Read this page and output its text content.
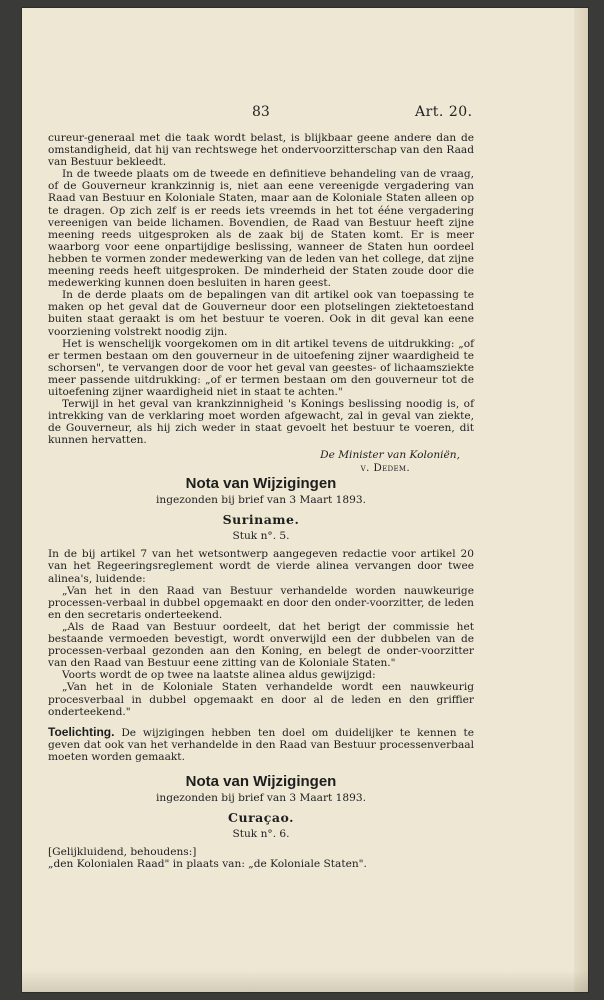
83	Art. 20.

cureur-generaal met die taak wordt belast, is blijkbaar geene andere dan de omstandigheid, dat hij van rechtswege het ondervoorzitterschap van den Raad van Bestuur bekleedt.

In de tweede plaats om de tweede en definitieve behandeling van de vraag, of de Gouverneur krankzinnig is, niet aan eene vereenigde vergadering van Raad van Bestuur en Koloniale Staten, maar aan de Koloniale Staten alleen op te dragen. Op zich zelf is er reeds iets vreemds in het tot ééne vergadering vereenigen van beide lichamen. Bovendien, de Raad van Bestuur heeft zijne meening reeds uitgesproken als de zaak bij de Staten komt. Er is meer waarborg voor eene onpartijdige beslissing, wanneer de Staten hun oordeel hebben te vormen zonder medewerking van de leden van het college, dat zijne meening reeds heeft uitgesproken. De minderheid der Staten zoude door die medewerking kunnen doen besluiten in haren geest.

In de derde plaats om de bepalingen van dit artikel ook van toepassing te maken op het geval dat de Gouverneur door een plotselingen ziektetoestand buiten staat geraakt is om het bestuur te voeren. Ook in dit geval kan eene voorziening volstrekt noodig zijn.

Het is wenschelijk voorgekomen om in dit artikel tevens de uitdrukking: „of er termen bestaan om den gouverneur in de uitoefening zijner waardigheid te schorsen", te vervangen door de voor het geval van geestes- of lichaamsziekte meer passende uitdrukking: „of er termen bestaan om den gouverneur tot de uitoefening zijner waardigheid niet in staat te achten."

Terwijl in het geval van krankzinnigheid 's Konings beslissing noodig is, of intrekking van de verklaring moet worden afgewacht, zal in geval van ziekte, de Gouverneur, als hij zich weder in staat gevoelt het bestuur te voeren, dit kunnen hervatten.

De Minister van Koloniën,

v. Dedem.

Nota van Wijzigingen
ingezonden bij brief van 3 Maart 1893.
Suriname.
Stuk n°. 5.

In de bij artikel 7 van het wetsontwerp aangegeven redactie voor artikel 20 van het Regeeringsreglement wordt de vierde alinea vervangen door twee alinea's, luidende:

„Van het in den Raad van Bestuur verhandelde worden nauwkeurige processen-verbaal in dubbel opgemaakt en door den onder-voorzitter, de leden en den secretaris onderteekend.

„Als de Raad van Bestuur oordeelt, dat het berigt der commissie het bestaande vermoeden bevestigt, wordt onverwijld een der dubbelen van de processen-verbaal gezonden aan den Koning, en belegt de onder-voorzitter van den Raad van Bestuur eene zitting van de Koloniale Staten."

Voorts wordt de op twee na laatste alinea aldus gewijzigd:

„Van het in de Koloniale Staten verhandelde wordt een nauwkeurig procesverbaal in dubbel opgemaakt en door al de leden en den griffier onderteekend."

Toelichting. De wijzigingen hebben ten doel om duidelijker te kennen te geven dat ook van het verhandelde in den Raad van Bestuur processenverbaal moeten worden gemaakt.

Nota van Wijzigingen
ingezonden bij brief van 3 Maart 1893.
Curaçao.
Stuk n°. 6.

[Gelijkluidend, behoudens:]

„den Kolonialen Raad" in plaats van: „de Koloniale Staten".
